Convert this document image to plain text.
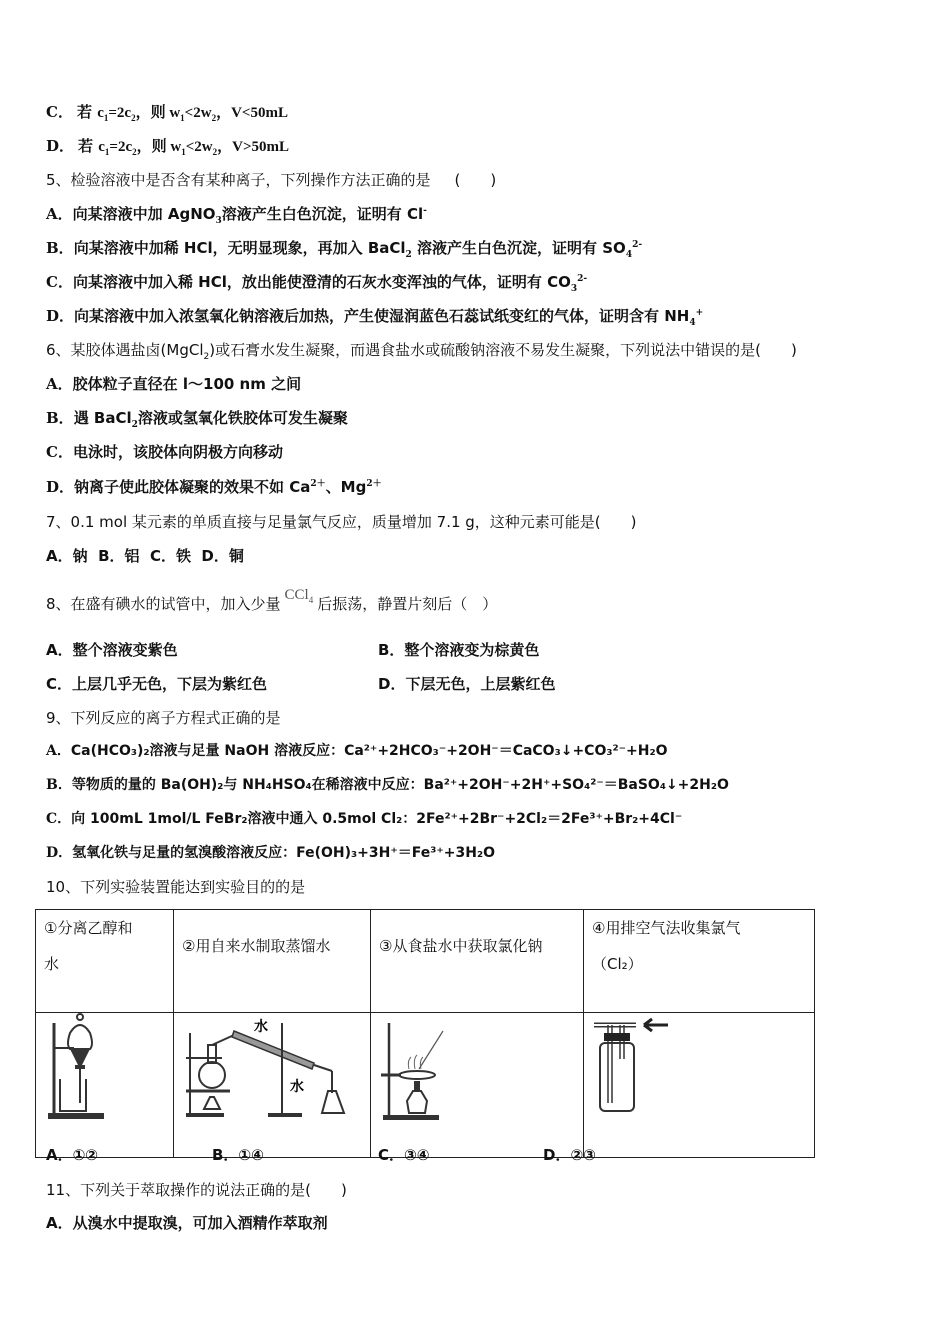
C． 若 $c_1=2c_2$，则 $w_1<2w_2$，V<50mL
D． 若 $c_1=2c_2$，则 $w_1<2w_2$，V>50mL
5、检验溶液中是否含有某种离子，下列操作方法正确的是 (　　)
A．向某溶液中加 AgNO$_3$溶液产生白色沉淀，证明有 Cl-
B．向某溶液中加稀 HCl，无明显现象，再加入 BaCl$_2$ 溶液产生白色沉淀，证明有 $SO_4^{2-}$
C．向某溶液中加入稀 HCl，放出能使澄清的石灰水变浑浊的气体，证明有 $CO_3^{2-}$
D．向某溶液中加入浓氢氧化钠溶液后加热，产生使湿润蓝色石蕊试纸变红的气体，证明含有 $NH_4^+$
6、某胶体遇盐卤(MgCl$_2$)或石膏水发生凝聚，而遇食盐水或硫酸钠溶液不易发生凝聚，下列说法中错误的是(　　)
A．胶体粒子直径在 l～100 nm 之间
B．遇 BaCl$_2$溶液或氢氧化铁胶体可发生凝聚
C．电泳时，该胶体向阴极方向移动
D．钠离子使此胶体凝聚的效果不如 $Ca^{2+}$、$Mg^{2+}$
7、0.1 mol 某元素的单质直接与足量氯气反应，质量增加 7.1 g，这种元素可能是(　　)
A．钠 B．铝 C．铁 D．铜
8、在盛有碘水的试管中，加入少量 CCl$_4$ 后振荡，静置片刻后（　）
A．整个溶液变紫色	B．整个溶液变为棕黄色
C．上层几乎无色，下层为紫红色	D．下层无色，上层紫红色
9、下列反应的离子方程式正确的是
A．Ca(HCO₃)₂溶液与足量 NaOH 溶液反应：Ca²⁺+2HCO₃⁻+2OH⁻＝CaCO₃↓+CO₃²⁻+H₂O
B．等物质的量的 Ba(OH)₂与 NH₄HSO₄在稀溶液中反应：Ba²⁺+2OH⁻+2H⁺+SO₄²⁻＝BaSO₄↓+2H₂O
C．向 100mL 1mol/L FeBr₂溶液中通入 0.5mol Cl₂：2Fe²⁺+2Br⁻+2Cl₂＝2Fe³⁺+Br₂+4Cl⁻
D．氢氧化铁与足量的氢溴酸溶液反应：Fe(OH)₃+3H⁺＝Fe³⁺+3H₂O
10、下列实验装置能达到实验目的的是
①分离乙醇和
水	②用自来水制取蒸馏水	③从食盐水中获取氯化钠	④用排空气法收集氯气
（Cl₂）

水
水

A．①②	B．①④	C．③④	D．②③
11、下列关于萃取操作的说法正确的是(　　)
A．从溴水中提取溴，可加入酒精作萃取剂
